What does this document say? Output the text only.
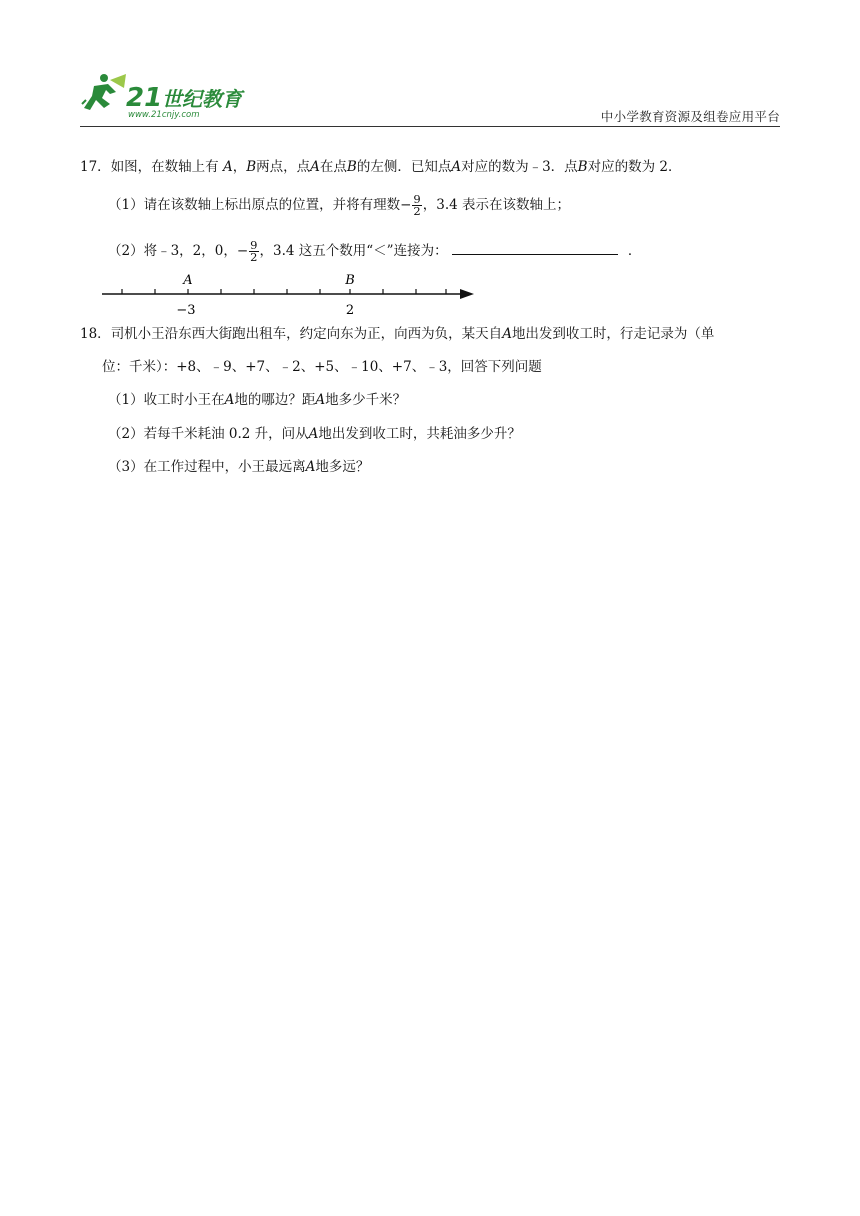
21 世纪教育
www.21cnjy.com	中小学教育资源及组卷应用平台
17．如图，在数轴上有 A，B两点，点A在点B的左侧．已知点A对应的数为﹣3．点B对应的数为 2．
（1）请在该数轴上标出原点的位置，并将有理数− $\frac{9}{2}$ ，3.4 表示在该数轴上；
（2）将﹣3，2，0，− $\frac{9}{2}$ ，3.4 这五个数用“＜”连接为：	．
A	B
−3	2
18．司机小王沿东西大街跑出租车，约定向东为正，向西为负，某天自A地出发到收工时，行走记录为（单
位：千米）：+8、﹣9、+7、﹣2、+5、﹣10、+7、﹣3，回答下列问题
（1）收工时小王在A地的哪边？距A地多少千米？
（2）若每千米耗油 0.2 升，问从A地出发到收工时，共耗油多少升？
（3）在工作过程中，小王最远离A地多远？
